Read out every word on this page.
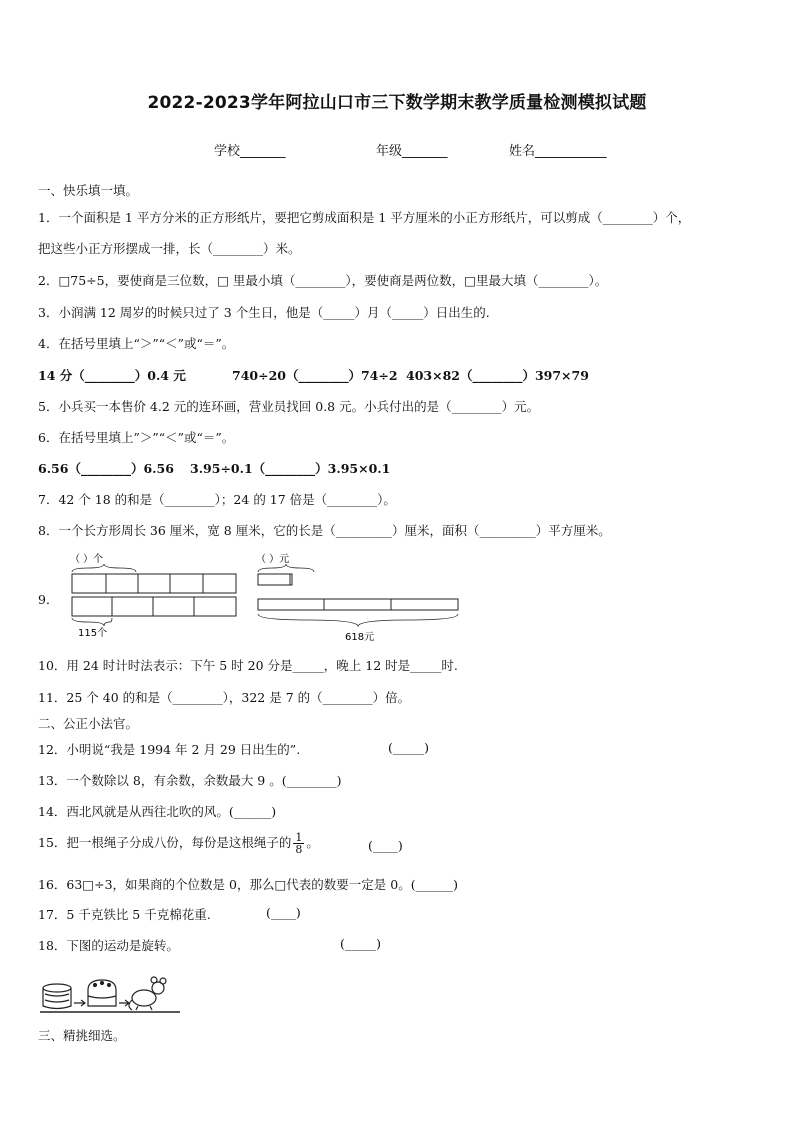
2022-2023学年阿拉山口市三下数学期末教学质量检测模拟试题
学校_______	年级_______	姓名___________
一、快乐填一填。
1．一个面积是 1 平方分米的正方形纸片，要把它剪成面积是 1 平方厘米的小正方形纸片，可以剪成（________）个，
把这些小正方形摆成一排，长（________）米。
2．□75÷5，要使商是三位数，□ 里最小填（________），要使商是两位数，□里最大填（________）。
3．小润满 12 周岁的时候只过了 3 个生日，他是（_____）月（_____）日出生的.
4．在括号里填上“＞”“＜”或“＝”。
14 分（________）0.4 元	740÷20（________）74÷2 403×82（________）397×79
5．小兵买一本售价 4.2 元的连环画，营业员找回 0.8 元。小兵付出的是（________）元。
6．在括号里填上”＞”“＜”或“＝”。
6.56（________）6.56 3.95÷0.1（________）3.95×0.1
7．42 个 18 的和是（________）；24 的 17 倍是（________）。
8．一个长方形周长 36 厘米，宽 8 厘米，它的长是（_________）厘米，面积（_________）平方厘米。
9．
（ ）个
115个
（ ）元
618元
10．用 24 时计时法表示：下午 5 时 20 分是_____，晚上 12 时是_____时.
11．25 个 40 的和是（________），322 是 7 的（________）倍。
二、公正小法官。
12．小明说“我是 1994 年 2 月 29 日出生的”.	(_____)
13．一个数除以 8，有余数，余数最大 9 。(________)
14．西北风就是从西往北吹的风。(______)
15．把一根绳子分成八份，每份是这根绳子的 $\frac{1}{8}$ 。	(____)
16．63□÷3，如果商的个位数是 0，那么□代表的数要一定是 0。(______)
17．5 千克铁比 5 千克棉花重.	(____)
18．下图的运动是旋转。	(_____)
三、精挑细选。
